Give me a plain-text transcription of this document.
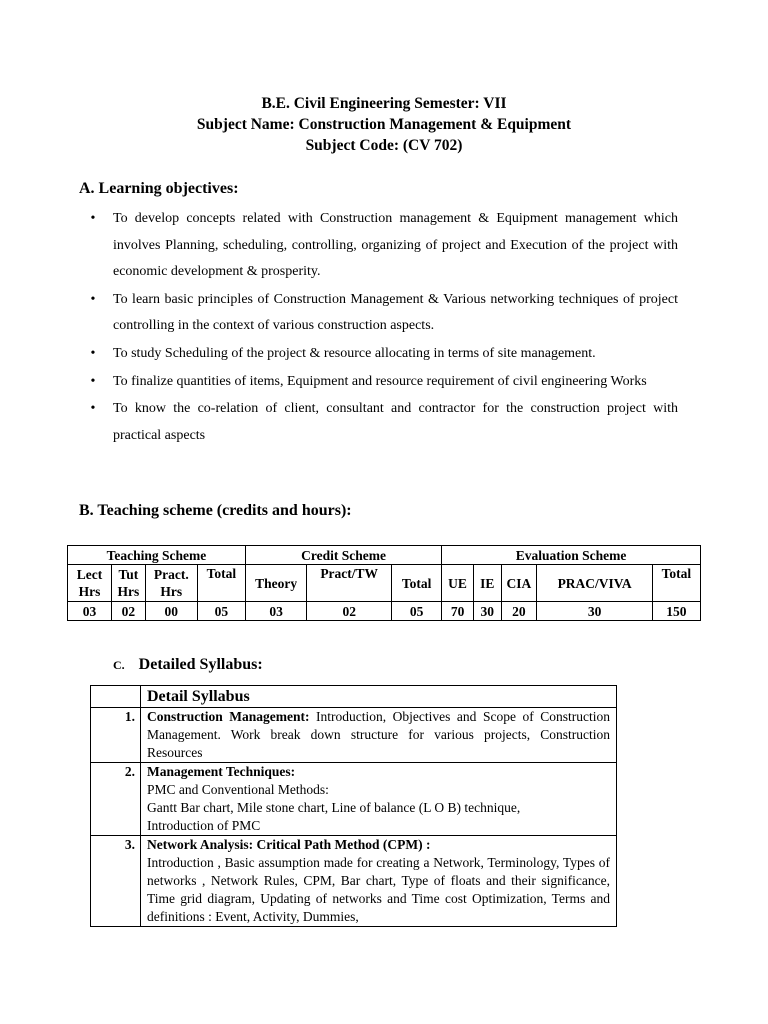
B.E. Civil Engineering Semester: VII
Subject Name: Construction Management & Equipment
Subject Code: (CV 702)
A. Learning objectives:
• To develop concepts related with Construction management & Equipment management which involves Planning, scheduling, controlling, organizing of project and Execution of the project with economic development & prosperity.
• To learn basic principles of Construction Management & Various networking techniques of project controlling in the context of various construction aspects.
• To study Scheduling of the project & resource allocating in terms of site management.
• To finalize quantities of items, Equipment and resource requirement of civil engineering Works
• To know the co-relation of client, consultant and contractor for the construction project with practical aspects
B. Teaching scheme (credits and hours):
Teaching Scheme				Credit Scheme			Evaluation Scheme				
Lect Hrs	Tut Hrs	Pract. Hrs	Total	Theory	Pract/TW	Total	UE	IE	CIA	PRAC/VIVA	Total
03	02	00	05	03	02	05	70	30	20	30	150
C. Detailed Syllabus:
	Detail Syllabus
1.	Construction Management: Introduction, Objectives and Scope of Construction Management. Work break down structure for various projects, Construction Resources
2.	Management Techniques:
PMC and Conventional Methods:
Gantt Bar chart, Mile stone chart, Line of balance (L O B) technique,
Introduction of PMC

3.	Network Analysis: Critical Path Method (CPM) :
Introduction , Basic assumption made for creating a Network, Terminology, Types of networks , Network Rules, CPM, Bar chart, Type of floats and their significance, Time grid diagram, Updating of networks and Time cost Optimization, Terms and definitions : Event, Activity, Dummies,
